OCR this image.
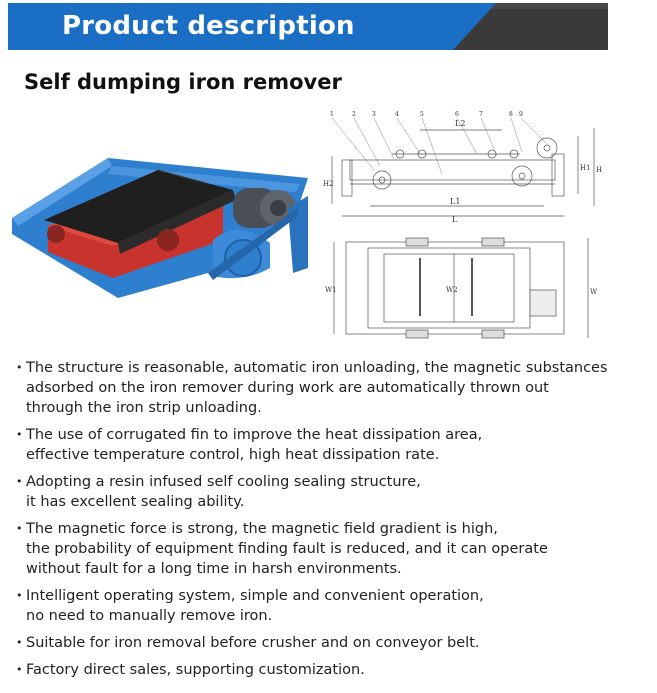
Product description
Self dumping iron remover
1	2	3	4	5	6	7	8 9
L2
L1
L
H1 H
H2
W1	W2	W
• The structure is reasonable, automatic iron unloading, the magnetic substances
adsorbed on the iron remover during work are automatically thrown out
through the iron strip unloading.
• The use of corrugated fin to improve the heat dissipation area,
effective temperature control, high heat dissipation rate.
• Adopting a resin infused self cooling sealing structure,
it has excellent sealing ability.
• The magnetic force is strong, the magnetic field gradient is high,
the probability of equipment finding fault is reduced, and it can operate
without fault for a long time in harsh environments.
• Intelligent operating system, simple and convenient operation,
no need to manually remove iron.
• Suitable for iron removal before crusher and on conveyor belt.
• Factory direct sales, supporting customization.
